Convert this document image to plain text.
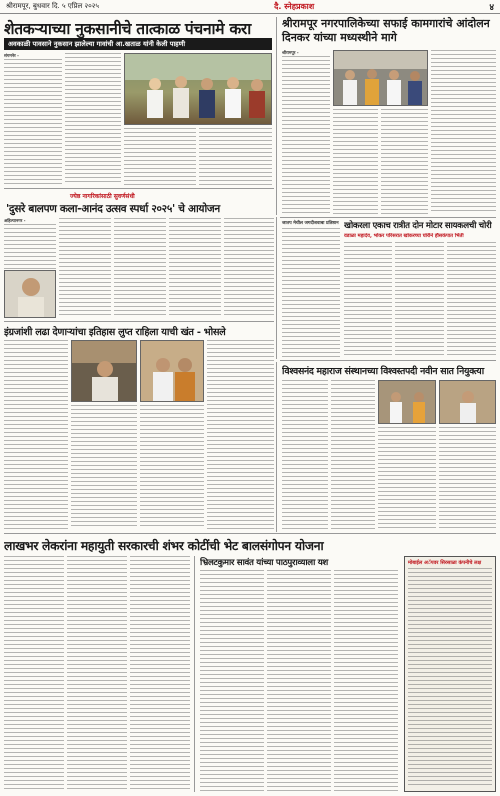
श्रीरामपूर, बुधवार दि. ५ एप्रिल २०२५	दै. स्नेहप्रकाश	४
शेतकऱ्याच्या नुकसानीचे तात्काळ पंचनामे करा
अवकाळी पावसाने नुकसान झालेल्या गावांची आ.खताळ यांनी केली पाहणी
संगमनेर -
श्रीरामपूर नगरपालिकेच्या सफाई कामगारांचे आंदोलन दिनकर यांच्या मध्यस्थीने मागे
श्रीरामपूर -
ज्येष्ठ नागरिकांसाठी सुवर्णसंधी
'दुसरे बालपण कला-आनंद उत्सव स्पर्धा २०२५' चे आयोजन
अहिल्यानगर -
जातप मेथील जगदीशवाबा प्रतिष्ठान खोकरला एकाच रात्रीत दोन मोटार सायकलची चोरी
वडाळा महादेव, भोकर परिसरात खोकरच्या घोरीने हौसकंपात भिती
इंग्रजांशी लढा देणाऱ्यांचा इतिहास लुप्त राहिला याची खंत - भोसले
विश्वसनंद महाराज संस्थानच्या विश्वस्तपदी नवीन सात नियुक्त्या
लाखभर लेकरांना महायुती सरकारची शंभर कोटींची भेट बालसंगोपन योजना
भ्रिलटकुमार सावंत यांच्या पाठपुराव्याला यश	मोबाईल अॅपवर सिरसाळा कंपनीचे लक्ष
